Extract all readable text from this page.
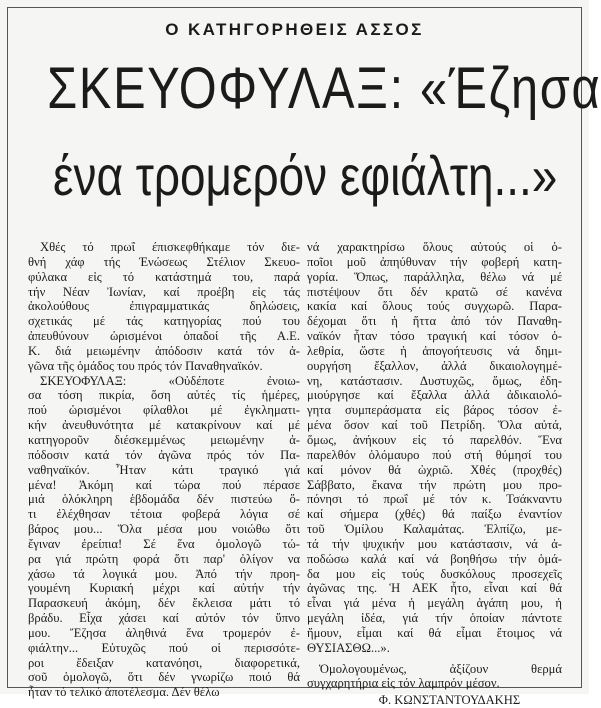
Ο ΚΑΤΗΓΟΡΗΘΕΙΣ ΑΣΣΟΣ
ΣΚΕΥΟΦΥΛΑΞ: «Έζησα
ένα τρομερόν εφιάλτη...»
Χθές τό πρωΐ έπισκεφθήκαμε τόν διε-
θνή χάφ τής Ένώσεως Στέλιον Σκευο-
φύλακα εἰς τό κατάστημά του, παρά
τήν Νέαν Ἰωνίαν, καί προέβη εἰς τάς
ἀκολούθους ἐπιγραμματικάς δηλώσεις,
σχετικάς μέ τάς κατηγορίας πού του
ἀπευθύνουν ὡρισμένοι ὀπαδοί τῆς Α.Ε.
Κ. διά μειωμένην ἀπόδοσιν κατά τόν ἀ-
γῶνα τῆς ὁμάδος του πρός τόν Παναθηναϊκόν.
ΣΚΕΥΟΦΥΛΑΞ: «Οὐδέποτε ἐνοιω-
σα τόση πικρία, ὅση αὐτές τίς ἡμέρες,
πού ὡρισμένοι φίλαθλοι μέ ἐγκληματι-
κήν ἀνευθυνότητα μέ κατακρίνουν καί μέ
κατηγοροῦν διέσκεμμένως μειωμένην ἀ-
πόδοσιν κατά τόν ἀγῶνα πρός τόν Πα-
ναθηναϊκόν. Ἦταν κάτι τραγικό γιά
μένα! Ἀκόμη καί τώρα πού πέρασε
μιά ὁλόκληρη ἑβδομάδα δέν πιστεύω ὅ-
τι ἐλέχθησαν τέτοια φοβερά λόγια σέ
βάρος μου... Ὅλα μέσα μου νοιώθω ὅτι
ἔγιναν ἐρείπια! Σέ ἕνα ὁμολογῶ τώ-
ρα γιά πρώτη φορά ὅτι παρ' ὀλίγον να
χάσω τά λογικά μου. Ἀπό τήν προη-
γουμένη Κυριακή μέχρι καί αὐτήν τήν
Παρασκευή ἀκόμη, δέν ἔκλεισα μάτι τό
βράδυ. Εἶχα χάσει καί αὐτόν τόν ὕπνο
μου. Ἔζησα ἀληθινά ἕνα τρομερόν ἐ-
φιάλτην... Εὐτυχῶς πού οἱ περισσότε-
ροι ἔδειξαν κατανόησι, διαφορετικά,
σοῦ ὁμολογῶ, ὅτι δέν γνωρίζω ποιό θά
ἦταν τό τελικό ἀποτέλεσμα. Δέν θέλω
νά χαρακτηρίσω ὅλους αὐτούς οἱ ὁ-
ποῖοι μοῦ ἀπηύθυναν τήν φοβερή κατη-
γορία. Ὅπως, παράλληλα, θέλω νά μέ
πιστέψουν ὅτι δέν κρατῶ σέ κανένα
κακία καί ὅλους τούς συγχωρῶ. Παρα-
δέχομαι ὅτι ἡ ἥττα ἀπό τόν Παναθη-
ναϊκόν ἦταν τόσο τραγική καί τόσον ὀ-
λεθρία, ὥστε ἡ ἀπογοήτευσις νά δημι-
ουργήση ἔξαλλον, ἀλλά δικαιολογημέ-
νη, κατάστασιν. Δυστυχῶς, ὅμως, ἐδη-
μιούργησε καί ἔξαλλα ἀλλά ἀδικαιολό-
γητα συμπεράσματα εἰς βάρος τόσον ἐ-
μένα ὅσον καί τοῦ Πετρίδη. Ὅλα αὐτά,
ὅμως, ἀνήκουν εἰς τό παρελθόν. Ἕνα
παρελθόν ὁλόμαυρο πού στή θύμησί του
καί μόνον θά ὠχριῶ. Χθές (προχθές)
Σάββατο, ἔκανα τήν πρώτη μου προ-
πόνησι τό πρωΐ μέ τόν κ. Τσάκναντυ
καί σήμερα (χθές) θά παίξω ἐναντίον
τοῦ Ὁμίλου Καλαμάτας. Ἐλπίζω, με-
τά τήν ψυχικήν μου κατάστασιν, νά ἀ-
ποδώσω καλά καί νά βοηθήσω τήν ὁμά-
δα μου εἰς τούς δυσκόλους προσεχεῖς
ἀγῶνας της. Ἡ ΑΕΚ ἦτο, εἶναι καί θά
εἶναι γιά μένα ἡ μεγάλη ἀγάπη μου, ἡ
μεγάλη ἰδέα, γιά τήν ὁποίαν πάντοτε
ἤμουν, εἶμαι καί θά εἶμαι ἕτοιμος νά
ΘΥΣΙΑΣΘΩ...».
Ὁμολογουμένως, ἀξίζουν θερμά
συγχαρητήρια εἰς τόν λαμπρόν μέσον.
Φ. ΚΩΝΣΤΑΝΤΟΥΔΑΚΗΣ
